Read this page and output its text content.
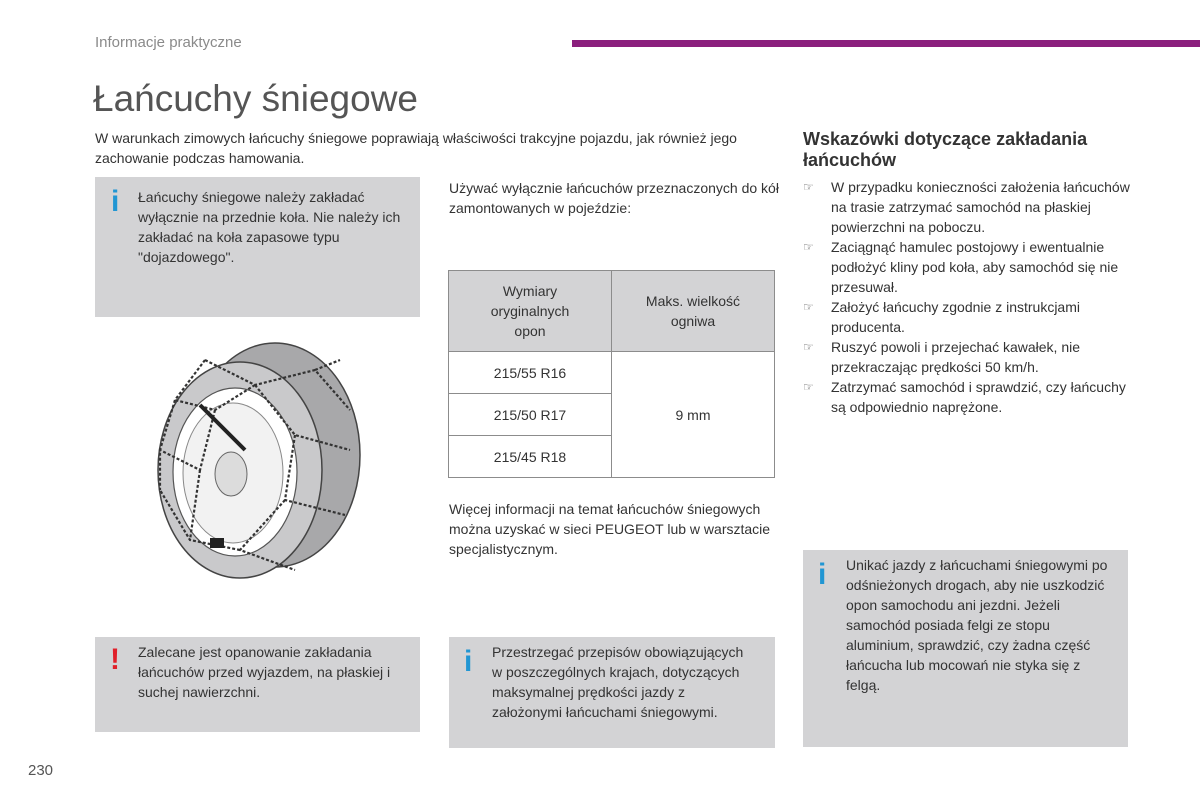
Informacje praktyczne
Łańcuchy śniegowe
W warunkach zimowych łańcuchy śniegowe poprawiają właściwości trakcyjne pojazdu, jak również jego zachowanie podczas hamowania.
i Łańcuchy śniegowe należy zakładać wyłącznie na przednie koła. Nie należy ich zakładać na koła zapasowe typu "dojazdowego".
! Zalecane jest opanowanie zakładania łańcuchów przed wyjazdem, na płaskiej i suchej nawierzchni.
Używać wyłącznie łańcuchów przeznaczonych do kół zamontowanych w pojeździe:
Wymiary oryginalnych opon	Maks. wielkość ogniwa
215/55 R16	9 mm
215/50 R17	
215/45 R18	
Więcej informacji na temat łańcuchów śniegowych można uzyskać w sieci PEUGEOT lub w warsztacie specjalistycznym.
i Przestrzegać przepisów obowiązujących w poszczególnych krajach, dotyczących maksymalnej prędkości jazdy z założonymi łańcuchami śniegowymi.
Wskazówki dotyczące zakładania łańcuchów
☞ W przypadku konieczności założenia łańcuchów na trasie zatrzymać samochód na płaskiej powierzchni na poboczu.
☞ Zaciągnąć hamulec postojowy i ewentualnie podłożyć kliny pod koła, aby samochód się nie przesuwał.
☞ Założyć łańcuchy zgodnie z instrukcjami producenta.
☞ Ruszyć powoli i przejechać kawałek, nie przekraczając prędkości 50 km/h.
☞ Zatrzymać samochód i sprawdzić, czy łańcuchy są odpowiednio naprężone.
i Unikać jazdy z łańcuchami śniegowymi po odśnieżonych drogach, aby nie uszkodzić opon samochodu ani jezdni. Jeżeli samochód posiada felgi ze stopu aluminium, sprawdzić, czy żadna część łańcucha lub mocowań nie styka się z felgą.
230
